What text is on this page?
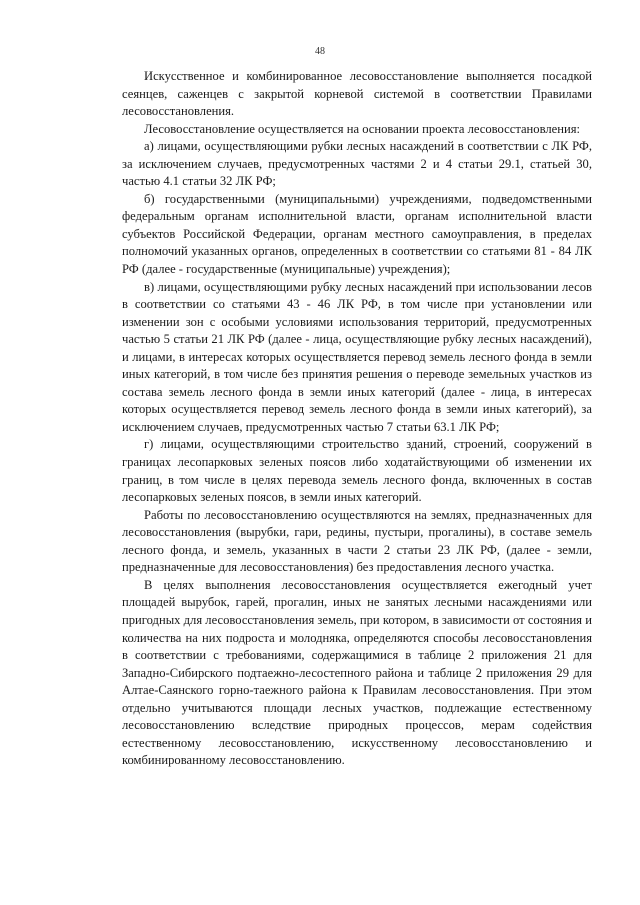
48

Искусственное и комбинированное лесовосстановление выполняется посадкой сеянцев, саженцев с закрытой корневой системой в соответствии Правилами лесовосстановления.

Лесовосстановление осуществляется на основании проекта лесовосстановления:

а) лицами, осуществляющими рубки лесных насаждений в соответствии с ЛК РФ, за исключением случаев, предусмотренных частями 2 и 4 статьи 29.1, статьей 30, частью 4.1 статьи 32 ЛК РФ;

б) государственными (муниципальными) учреждениями, подведомственными федеральным органам исполнительной власти, органам исполнительной власти субъектов Российской Федерации, органам местного самоуправления, в пределах полномочий указанных органов, определенных в соответствии со статьями 81 - 84 ЛК РФ (далее - государственные (муниципальные) учреждения);

в) лицами, осуществляющими рубку лесных насаждений при использовании лесов в соответствии со статьями 43 - 46 ЛК РФ, в том числе при установлении или изменении зон с особыми условиями использования территорий, предусмотренных частью 5 статьи 21 ЛК РФ (далее - лица, осуществляющие рубку лесных насаждений), и лицами, в интересах которых осуществляется перевод земель лесного фонда в земли иных категорий, в том числе без принятия решения о переводе земельных участков из состава земель лесного фонда в земли иных категорий (далее - лица, в интересах которых осуществляется перевод земель лесного фонда в земли иных категорий), за исключением случаев, предусмотренных частью 7 статьи 63.1 ЛК РФ;

г) лицами, осуществляющими строительство зданий, строений, сооружений в границах лесопарковых зеленых поясов либо ходатайствующими об изменении их границ, в том числе в целях перевода земель лесного фонда, включенных в состав лесопарковых зеленых поясов, в земли иных категорий.

Работы по лесовосстановлению осуществляются на землях, предназначенных для лесовосстановления (вырубки, гари, редины, пустыри, прогалины), в составе земель лесного фонда, и земель, указанных в части 2 статьи 23 ЛК РФ, (далее - земли, предназначенные для лесовосстановления) без предоставления лесного участка.

В целях выполнения лесовосстановления осуществляется ежегодный учет площадей вырубок, гарей, прогалин, иных не занятых лесными насаждениями или пригодных для лесовосстановления земель, при котором, в зависимости от состояния и количества на них подроста и молодняка, определяются способы лесовосстановления в соответствии с требованиями, содержащимися в таблице 2 приложения 21 для Западно-Сибирского подтаежно-лесостепного района и таблице 2 приложения 29 для Алтае-Саянского горно-таежного района к Правилам лесовосстановления. При этом отдельно учитываются площади лесных участков, подлежащие естественному лесовосстановлению вследствие природных процессов, мерам содействия естественному лесовосстановлению, искусственному лесовосстановлению и комбинированному лесовосстановлению.
